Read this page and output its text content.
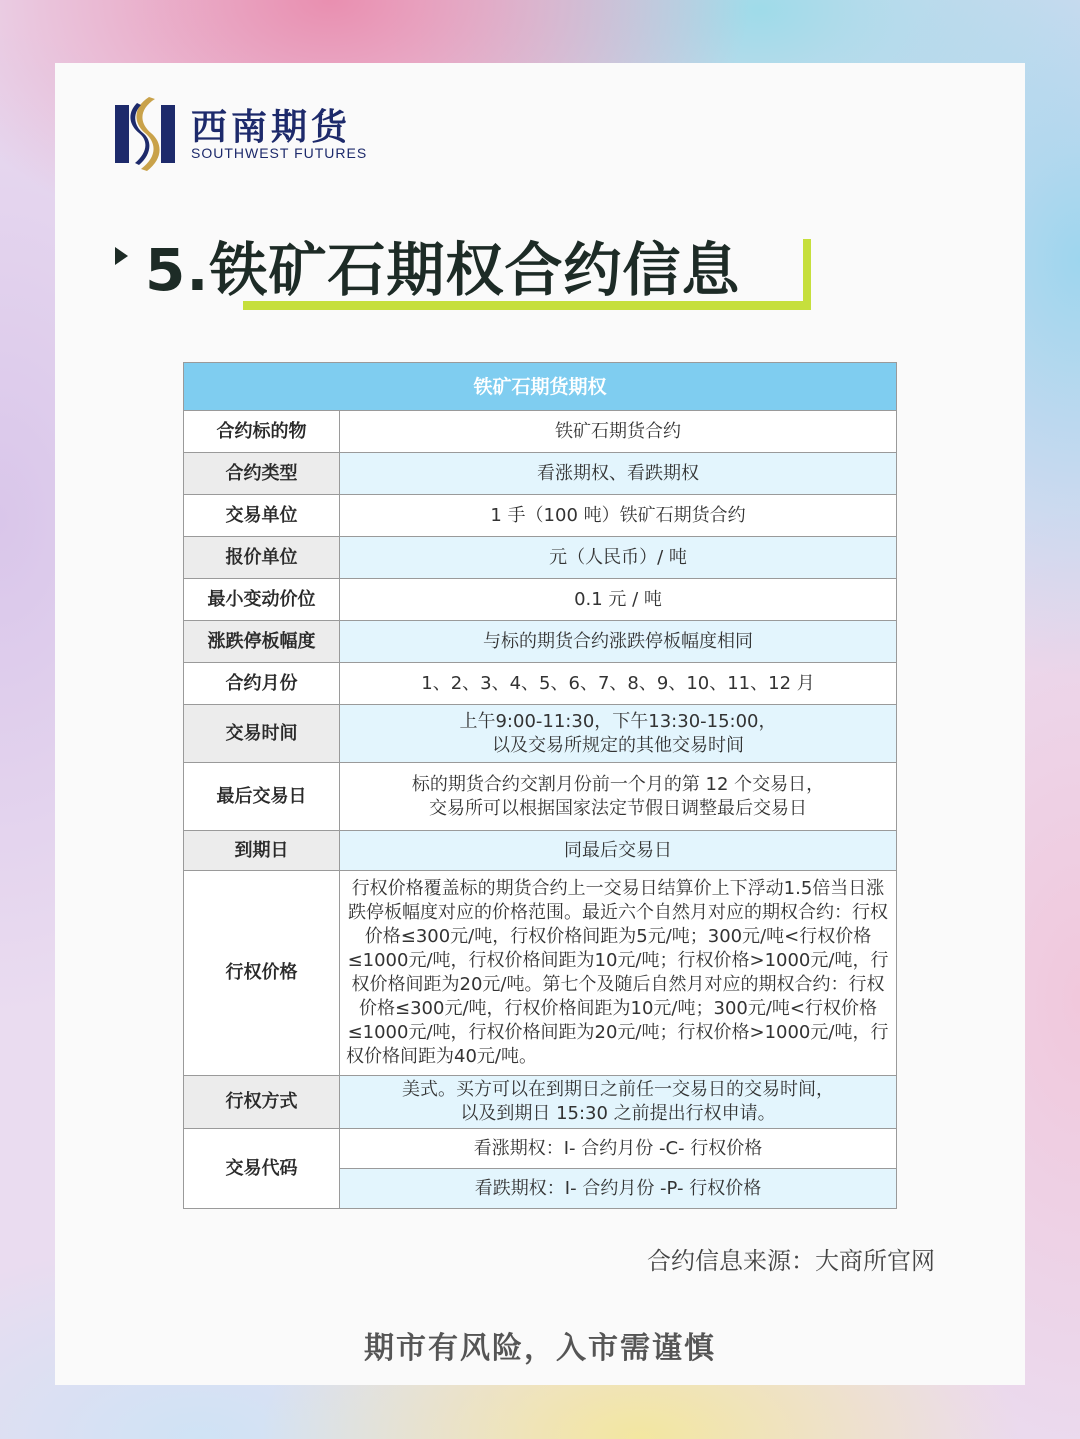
西南期货
SOUTHWEST FUTURES
5.铁矿石期权合约信息
铁矿石期货期权	
合约标的物	铁矿石期货合约
合约类型	看涨期权、看跌期权
交易单位	1 手（100 吨）铁矿石期货合约
报价单位	元（人民币）/ 吨
最小变动价位	0.1 元 / 吨
涨跌停板幅度	与标的期货合约涨跌停板幅度相同
合约月份	1、2、3、4、5、6、7、8、9、10、11、12 月
交易时间	上午9:00-11:30，下午13:30-15:00，
以及交易所规定的其他交易时间

最后交易日	标的期货合约交割月份前一个月的第 12 个交易日，
交易所可以根据国家法定节假日调整最后交易日

到期日	同最后交易日
行权价格	行权价格覆盖标的期货合约上一交易日结算价上下浮动1.5倍当日涨跌停板幅度对应的价格范围。最近六个自然月对应的期权合约：行权价格≤300元/吨，行权价格间距为5元/吨；300元/吨<行权价格≤1000元/吨，行权价格间距为10元/吨；行权价格>1000元/吨，行权价格间距为20元/吨。第七个及随后自然月对应的期权合约：行权价格≤300元/吨，行权价格间距为10元/吨；300元/吨<行权价格≤1000元/吨，行权价格间距为20元/吨；行权价格>1000元/吨，行权价格间距为40元/吨。
行权方式	美式。买方可以在到期日之前任一交易日的交易时间，
以及到期日 15:30 之前提出行权申请。

交易代码	看涨期权：I- 合约月份 -C- 行权价格
	看跌期权：I- 合约月份 -P- 行权价格
合约信息来源：大商所官网
期市有风险，入市需谨慎
